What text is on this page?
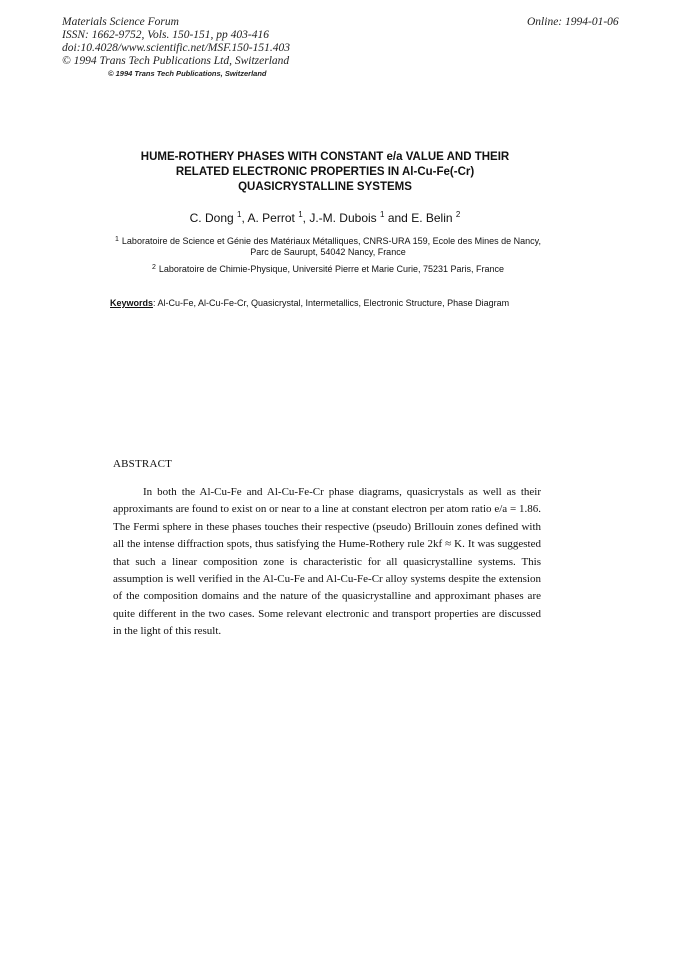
Materials Science Forum
ISSN: 1662-9752, Vols. 150-151, pp 403-416
doi:10.4028/www.scientific.net/MSF.150-151.403
© 1994 Trans Tech Publications Ltd, Switzerland
Online: 1994-01-06
© 1994 Trans Tech Publications, Switzerland
HUME-ROTHERY PHASES WITH CONSTANT e/a VALUE AND THEIR
RELATED ELECTRONIC PROPERTIES IN Al-Cu-Fe(-Cr)
QUASICRYSTALLINE SYSTEMS
C. Dong $^1$, A. Perrot $^1$, J.-M. Dubois $^1$ and E. Belin $^2$
$^1$ Laboratoire de Science et Génie des Matériaux Métalliques, CNRS-URA 159, Ecole des Mines de Nancy, Parc de Saurupt, 54042 Nancy, France
$^2$ Laboratoire de Chimie-Physique, Université Pierre et Marie Curie, 75231 Paris, France
Keywords: Al-Cu-Fe, Al-Cu-Fe-Cr, Quasicrystal, Intermetallics, Electronic Structure, Phase Diagram
ABSTRACT
In both the Al-Cu-Fe and Al-Cu-Fe-Cr phase diagrams, quasicrystals as well as their approximants are found to exist on or near to a line at constant electron per atom ratio e/a = 1.86. The Fermi sphere in these phases touches their respective (pseudo) Brillouin zones defined with all the intense diffraction spots, thus satisfying the Hume-Rothery rule 2kf ≈ K. It was suggested that such a linear composition zone is characteristic for all quasicrystalline systems. This assumption is well verified in the Al-Cu-Fe and Al-Cu-Fe-Cr alloy systems despite the extension of the composition domains and the nature of the quasicrystalline and approximant phases are quite different in the two cases. Some relevant electronic and transport properties are discussed in the light of this result.
